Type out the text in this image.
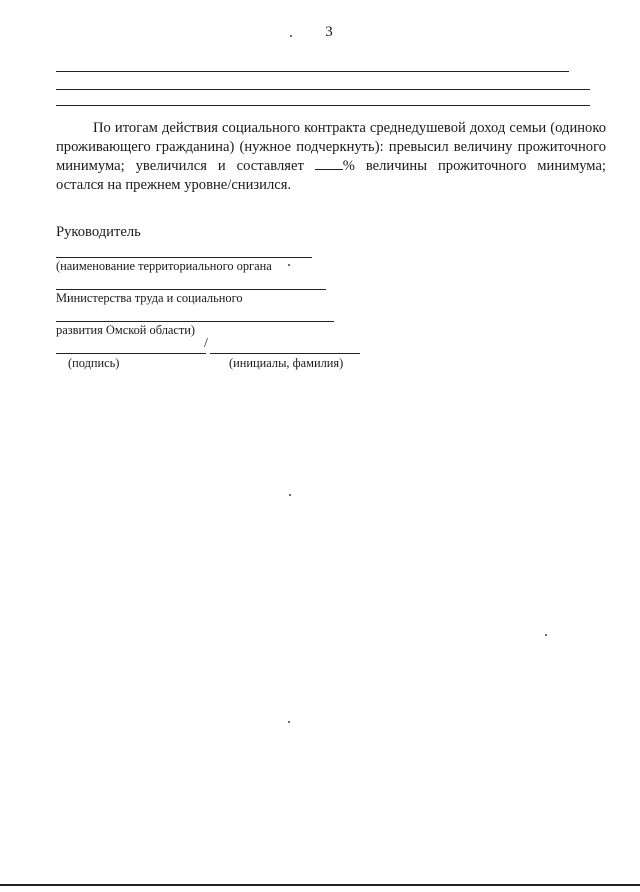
3

По итогам действия социального контракта среднедушевой доход семьи (одиноко проживающего гражданина) (нужное подчеркнуть): превысил величину прожиточного минимума; увеличился и составляет % величины прожиточного минимума; остался на прежнем уровне/снизился.

Руководитель
(наименование территориального органа
Министерства труда и социального
развития Омской области)
/
(подпись)	(инициалы, фамилия)
